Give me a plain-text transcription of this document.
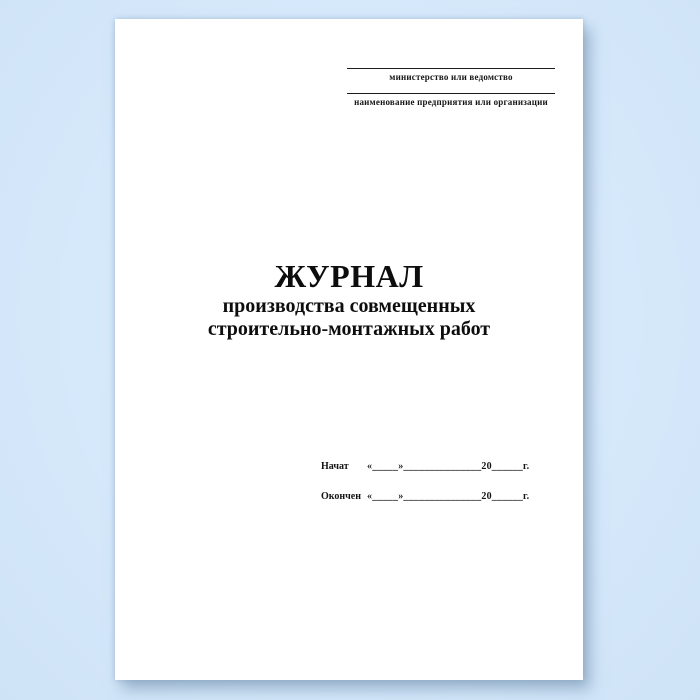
министерство или ведомство
наименование предприятия или организации
ЖУРНАЛ
производства совмещенных
строительно-монтажных работ
Начат	«_____»_______________20______г.
Окончен «_____»_______________20______г.
